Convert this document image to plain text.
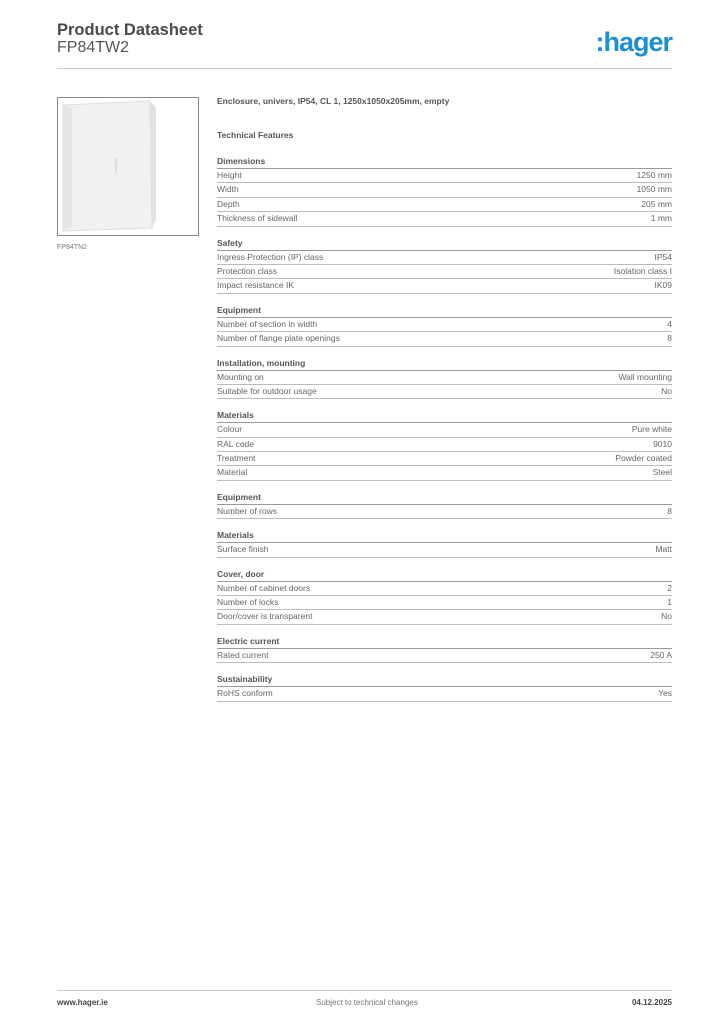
Product Datasheet
FP84TW2	:hager
FP84TN2
Enclosure, univers, IP54, CL 1, 1250x1050x205mm, empty
Technical Features
Dimensions
Height	1250 mm
Width	1050 mm
Depth	205 mm
Thickness of sidewall	1 mm
Safety
Ingress Protection (IP) class	IP54
Protection class	Isolation class I
Impact resistance IK	IK09
Equipment
Number of section in width	4
Number of flange plate openings	8
Installation, mounting
Mounting on	Wall mounting
Suitable for outdoor usage	No
Materials
Colour	Pure white
RAL code	9010
Treatment	Powder coated
Material	Steel
Equipment
Number of rows	8
Materials
Surface finish	Matt
Cover, door
Number of cabinet doors	2
Number of locks	1
Door/cover is transparent	No
Electric current
Rated current	250 A
Sustainability
RoHS conform	Yes
www.hager.ie	Subject to technical changes	04.12.2025
